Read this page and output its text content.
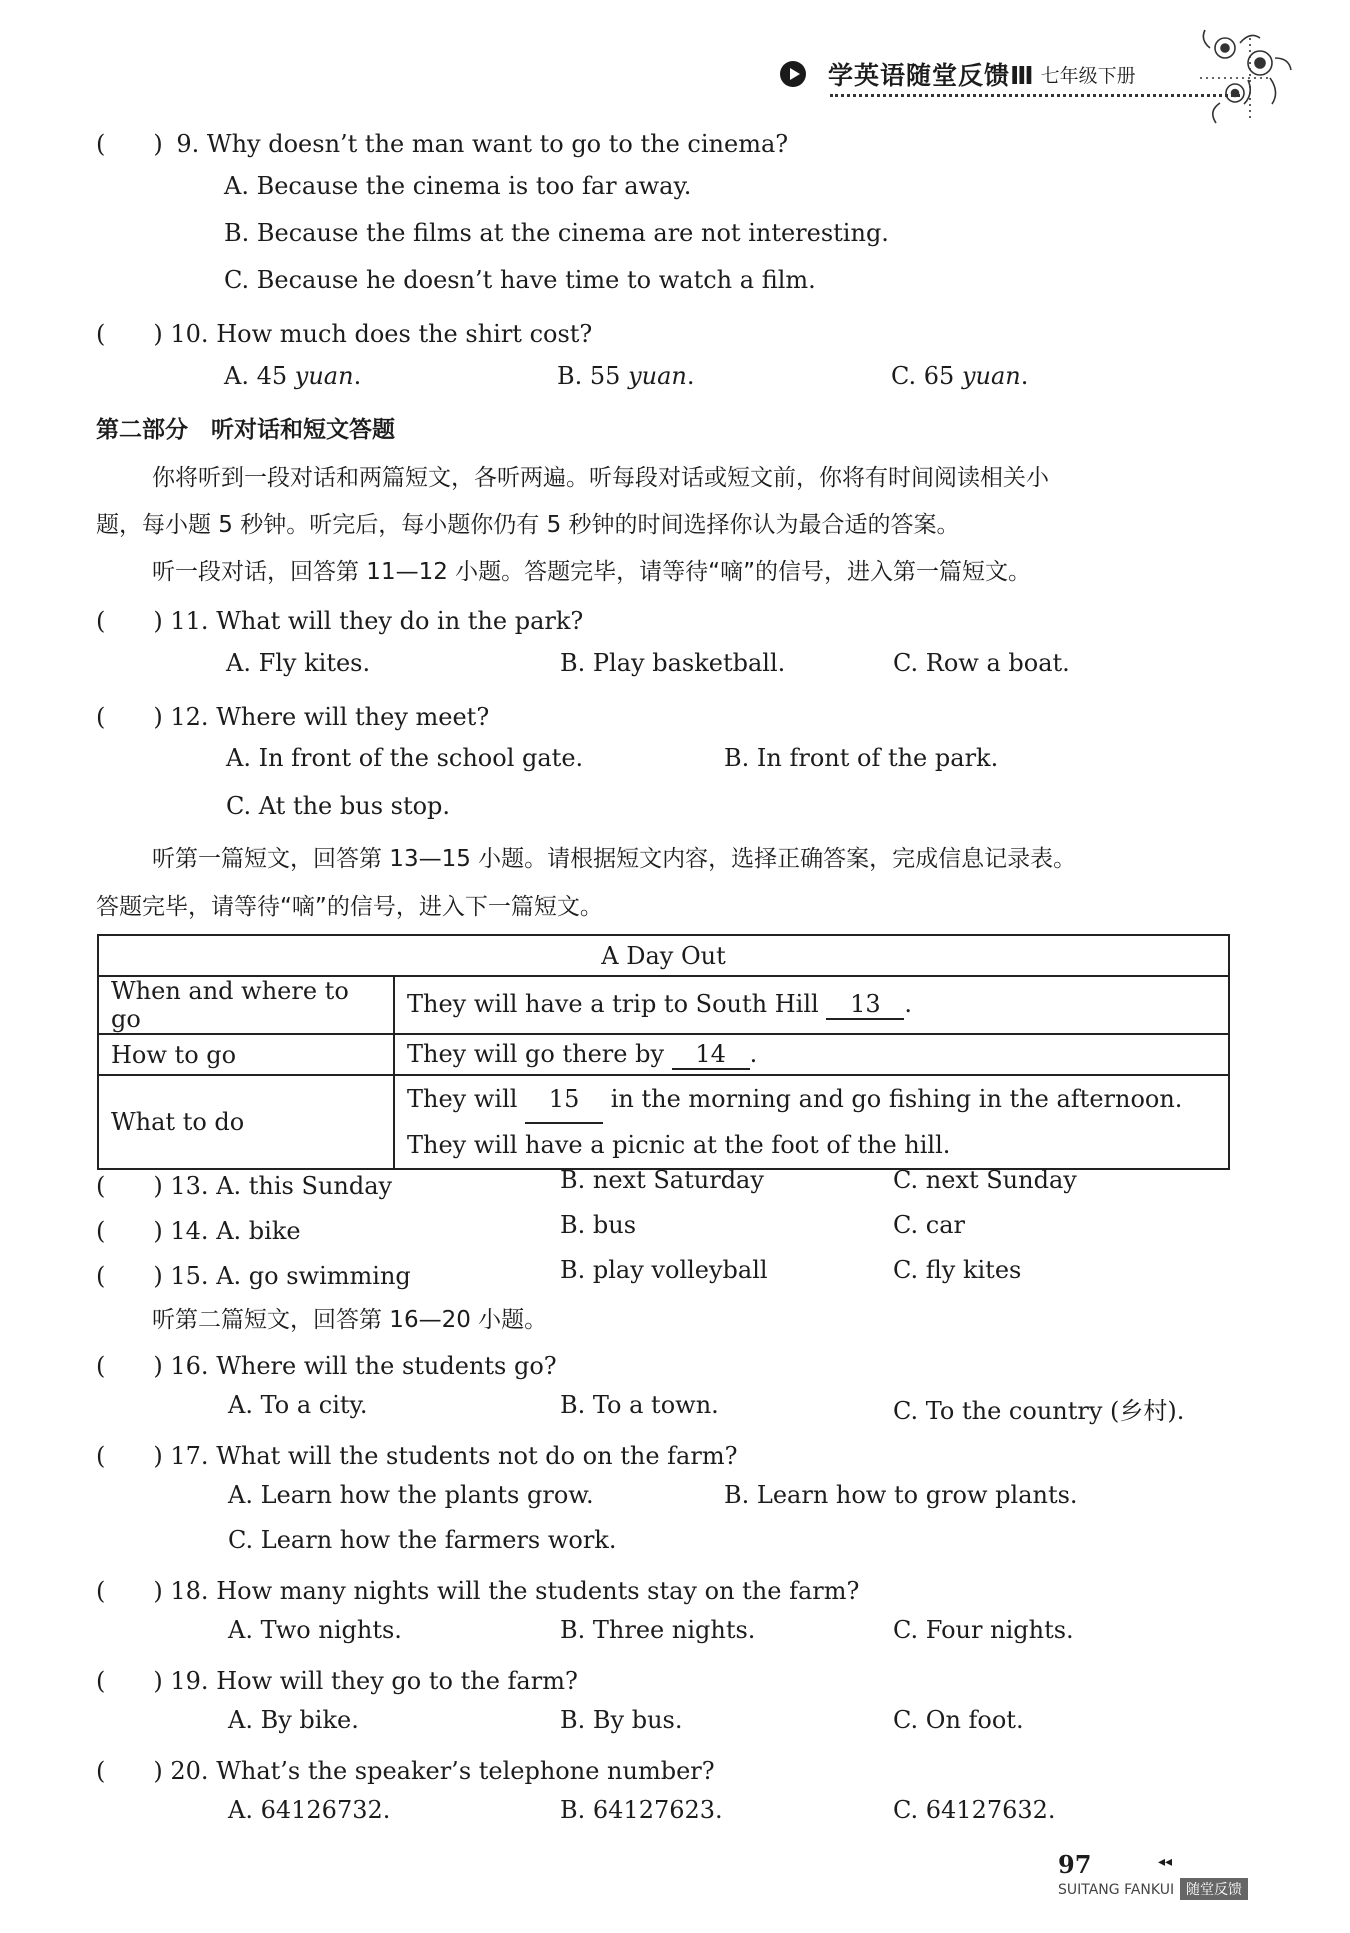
学英语随堂反馈Ⅲ 七年级下册
(　　) 9. Why doesn’t the man want to go to the cinema?
A. Because the cinema is too far away.
B. Because the films at the cinema are not interesting.
C. Because he doesn’t have time to watch a film.
(　　) 10. How much does the shirt cost?
A. 45 yuan.	B. 55 yuan.	C. 65 yuan.
第二部分　听对话和短文答题
你将听到一段对话和两篇短文，各听两遍。听每段对话或短文前，你将有时间阅读相关小
题，每小题 5 秒钟。听完后，每小题你仍有 5 秒钟的时间选择你认为最合适的答案。
听一段对话，回答第 11—12 小题。答题完毕，请等待“嘀”的信号，进入第一篇短文。
(　　) 11. What will they do in the park?
A. Fly kites.	B. Play basketball.	C. Row a boat.
(　　) 12. Where will they meet?
A. In front of the school gate.	B. In front of the park.
C. At the bus stop.
听第一篇短文，回答第 13—15 小题。请根据短文内容，选择正确答案，完成信息记录表。
答题完毕，请等待“嘀”的信号，进入下一篇短文。
A Day Out	
When and where to go	They will have a trip to South Hill 13 .
How to go	They will go there by 14 .
What to do	They will 15 in the morning and go fishing in the afternoon.
They will have a picnic at the foot of the hill.
(　　) 13. A. this Sunday	B. next Saturday	C. next Sunday
(　　) 14. A. bike	B. bus	C. car
(　　) 15. A. go swimming	B. play volleyball	C. fly kites
听第二篇短文，回答第 16—20 小题。
(　　) 16. Where will the students go?
A. To a city.	B. To a town.	C. To the country (乡村).
(　　) 17. What will the students not do on the farm?
A. Learn how the plants grow.	B. Learn how to grow plants.
C. Learn how the farmers work.
(　　) 18. How many nights will the students stay on the farm?
A. Two nights.	B. Three nights.	C. Four nights.
(　　) 19. How will they go to the farm?
A. By bike.	B. By bus.	C. On foot.
(　　) 20. What’s the speaker’s telephone number?
A. 64126732.	B. 64127623.	C. 64127632.
97	◂◂
SUITANG FANKUI 随堂反馈
